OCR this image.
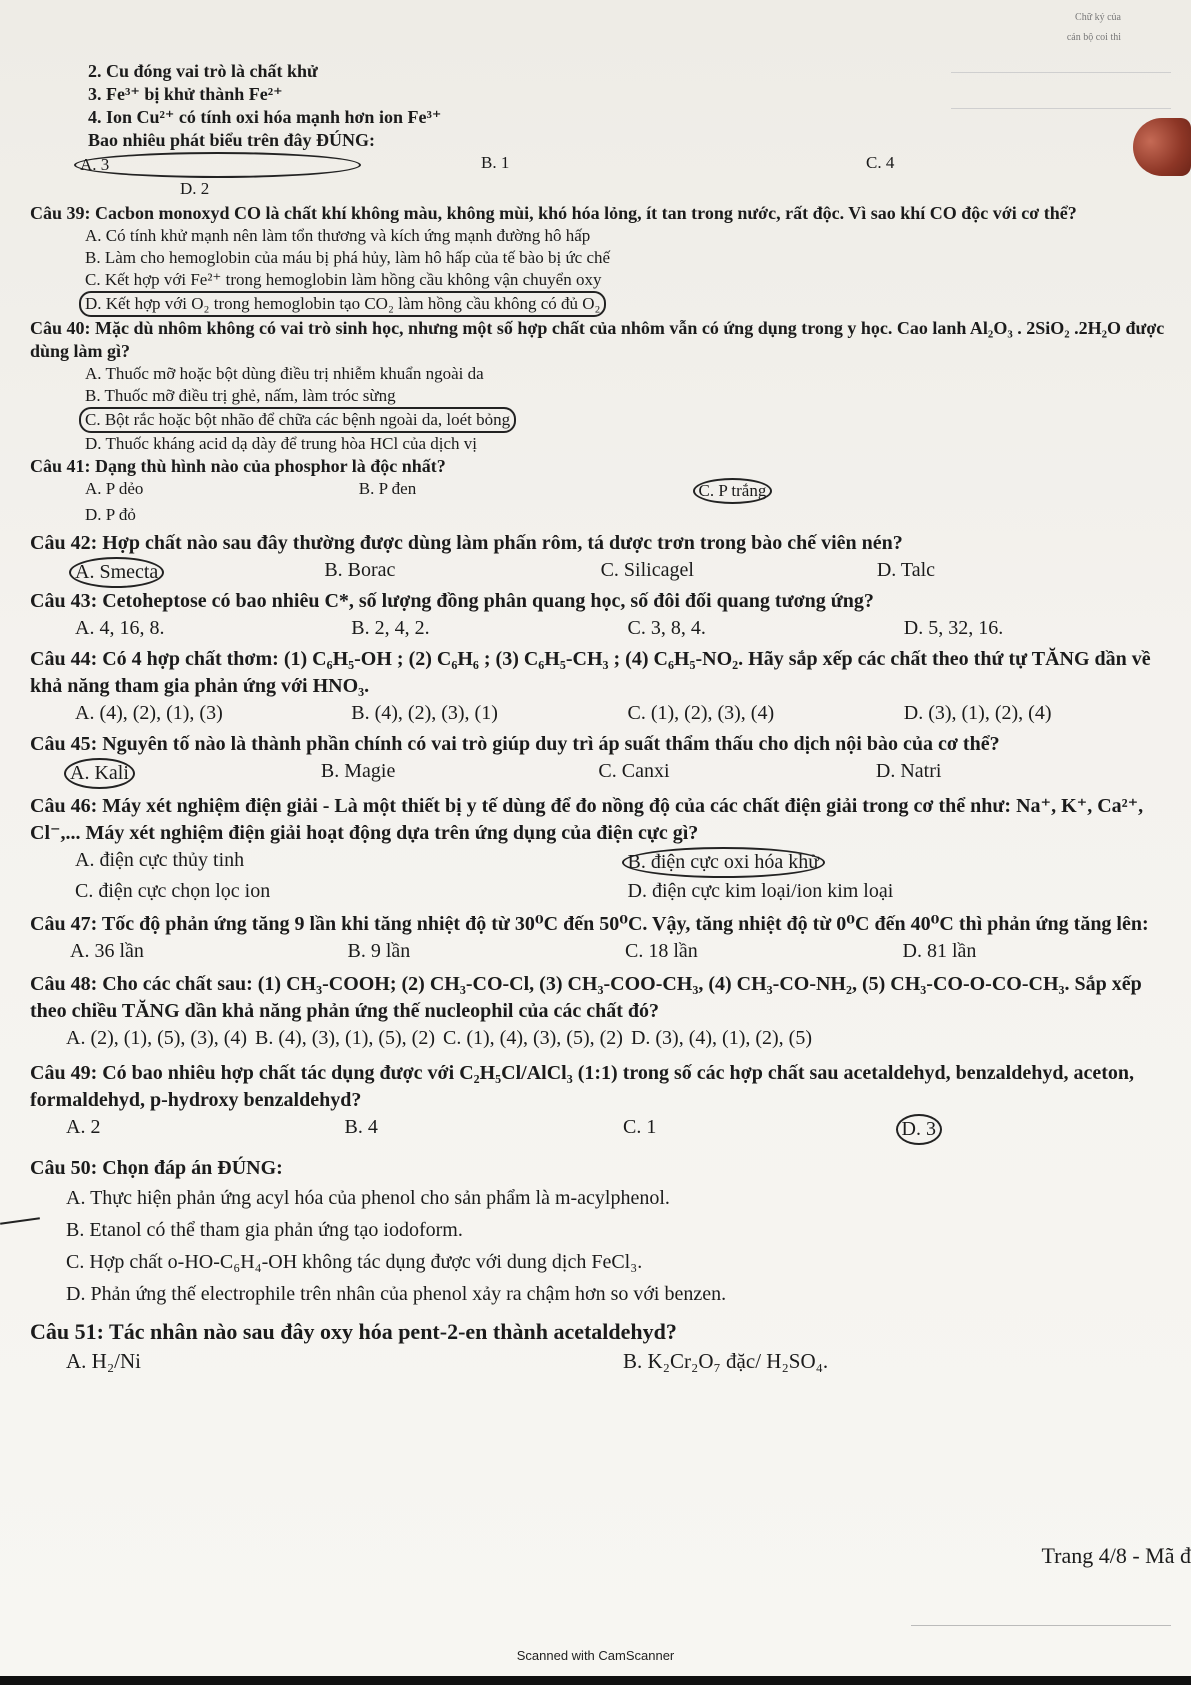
Chữ ký của
cán bộ coi thi
2. Cu đóng vai trò là chất khử
3. Fe³⁺ bị khử thành Fe²⁺
4. Ion Cu²⁺ có tính oxi hóa mạnh hơn ion Fe³⁺
Bao nhiêu phát biểu trên đây ĐÚNG:
A. 3	B. 1	C. 4
D. 2
Câu 39: Cacbon monoxyd CO là chất khí không màu, không mùi, khó hóa lỏng, ít tan trong nước, rất độc. Vì sao khí CO độc với cơ thể?
A. Có tính khử mạnh nên làm tổn thương và kích ứng mạnh đường hô hấp
B. Làm cho hemoglobin của máu bị phá hủy, làm hô hấp của tế bào bị ức chế
C. Kết hợp với Fe²⁺ trong hemoglobin làm hồng cầu không vận chuyển oxy
D. Kết hợp với O₂ trong hemoglobin tạo CO₂ làm hồng cầu không có đủ O₂
Câu 40: Mặc dù nhôm không có vai trò sinh học, nhưng một số hợp chất của nhôm vẫn có ứng dụng trong y học. Cao lanh Al₂O₃ . 2SiO₂ .2H₂O được dùng làm gì?
A. Thuốc mỡ hoặc bột dùng điều trị nhiễm khuẩn ngoài da
B. Thuốc mỡ điều trị ghẻ, nấm, làm tróc sừng
C. Bột rắc hoặc bột nhão để chữa các bệnh ngoài da, loét bỏng
D. Thuốc kháng acid dạ dày để trung hòa HCl của dịch vị
Câu 41: Dạng thù hình nào của phosphor là độc nhất?
A. P dẻo	B. P đen	C. P trắng
D. P đỏ
Câu 42: Hợp chất nào sau đây thường được dùng làm phấn rôm, tá dược trơn trong bào chế viên nén?
A. Smecta	B. Borac	C. Silicagel	D. Talc
Câu 43: Cetoheptose có bao nhiêu C*, số lượng đồng phân quang học, số đôi đối quang tương ứng?
A. 4, 16, 8.	B. 2, 4, 2.	C. 3, 8, 4.	D. 5, 32, 16.
Câu 44: Có 4 hợp chất thơm: (1) C₆H₅-OH ; (2) C₆H₆ ; (3) C₆H₅-CH₃ ; (4) C₆H₅-NO₂. Hãy sắp xếp các chất theo thứ tự TĂNG dần về khả năng tham gia phản ứng với HNO₃.
A. (4), (2), (1), (3)	B. (4), (2), (3), (1)	C. (1), (2), (3), (4)	D. (3), (1), (2), (4)
Câu 45: Nguyên tố nào là thành phần chính có vai trò giúp duy trì áp suất thẩm thấu cho dịch nội bào của cơ thể?
A. Kali	B. Magie	C. Canxi	D. Natri
Câu 46: Máy xét nghiệm điện giải - Là một thiết bị y tế dùng để đo nồng độ của các chất điện giải trong cơ thể như: Na⁺, K⁺, Ca²⁺, Cl⁻,... Máy xét nghiệm điện giải hoạt động dựa trên ứng dụng của điện cực gì?
A. điện cực thủy tinh	B. điện cực oxi hóa khử
C. điện cực chọn lọc ion	D. điện cực kim loại/ion kim loại
Câu 47: Tốc độ phản ứng tăng 9 lần khi tăng nhiệt độ từ 30⁰C đến 50⁰C. Vậy, tăng nhiệt độ từ 0⁰C đến 40⁰C thì phản ứng tăng lên:
A. 36 lần	B. 9 lần	C. 18 lần	D. 81 lần
Câu 48: Cho các chất sau: (1) CH₃-COOH; (2) CH₃-CO-Cl, (3) CH₃-COO-CH₃, (4) CH₃-CO-NH₂, (5) CH₃-CO-O-CO-CH₃. Sắp xếp theo chiều TĂNG dần khả năng phản ứng thế nucleophil của các chất đó?
A. (2), (1), (5), (3), (4) B. (4), (3), (1), (5), (2) C. (1), (4), (3), (5), (2) D. (3), (4), (1), (2), (5)
Câu 49: Có bao nhiêu hợp chất tác dụng được với C₂H₅Cl/AlCl₃ (1:1) trong số các hợp chất sau acetaldehyd, benzaldehyd, aceton, formaldehyd, p-hydroxy benzaldehyd?
A. 2	B. 4	C. 1	D. 3
Câu 50: Chọn đáp án ĐÚNG:
A. Thực hiện phản ứng acyl hóa của phenol cho sản phẩm là m-acylphenol.
B. Etanol có thể tham gia phản ứng tạo iodoform.
C. Hợp chất o-HO-C₆H₄-OH không tác dụng được với dung dịch FeCl₃.
D. Phản ứng thế electrophile trên nhân của phenol xảy ra chậm hơn so với benzen.
Câu 51: Tác nhân nào sau đây oxy hóa pent-2-en thành acetaldehyd?
A. H₂/Ni	B. K₂Cr₂O₇ đặc/ H₂SO₄.
Trang 4/8 - Mã đ
Scanned with CamScanner
